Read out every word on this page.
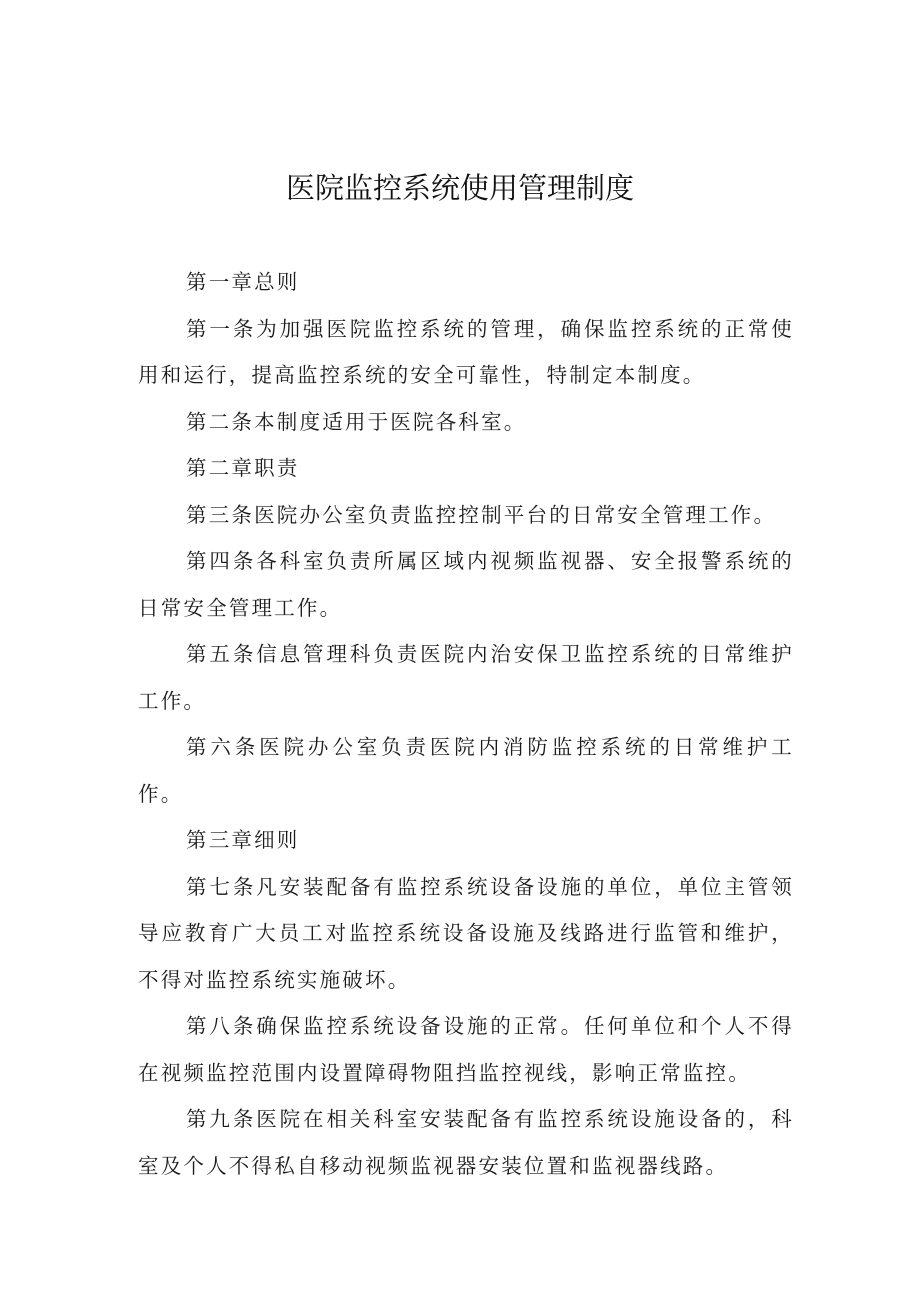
医院监控系统使用管理制度

第一章总则

第一条为加强医院监控系统的管理，确保监控系统的正常使用和运行，提高监控系统的安全可靠性，特制定本制度。

第二条本制度适用于医院各科室。

第二章职责

第三条医院办公室负责监控控制平台的日常安全管理工作。

第四条各科室负责所属区域内视频监视器、安全报警系统的日常安全管理工作。

第五条信息管理科负责医院内治安保卫监控系统的日常维护工作。

第六条医院办公室负责医院内消防监控系统的日常维护工作。

第三章细则

第七条凡安装配备有监控系统设备设施的单位，单位主管领导应教育广大员工对监控系统设备设施及线路进行监管和维护，不得对监控系统实施破坏。

第八条确保监控系统设备设施的正常。任何单位和个人不得在视频监控范围内设置障碍物阻挡监控视线，影响正常监控。

第九条医院在相关科室安装配备有监控系统设施设备的，科室及个人不得私自移动视频监视器安装位置和监视器线路。
